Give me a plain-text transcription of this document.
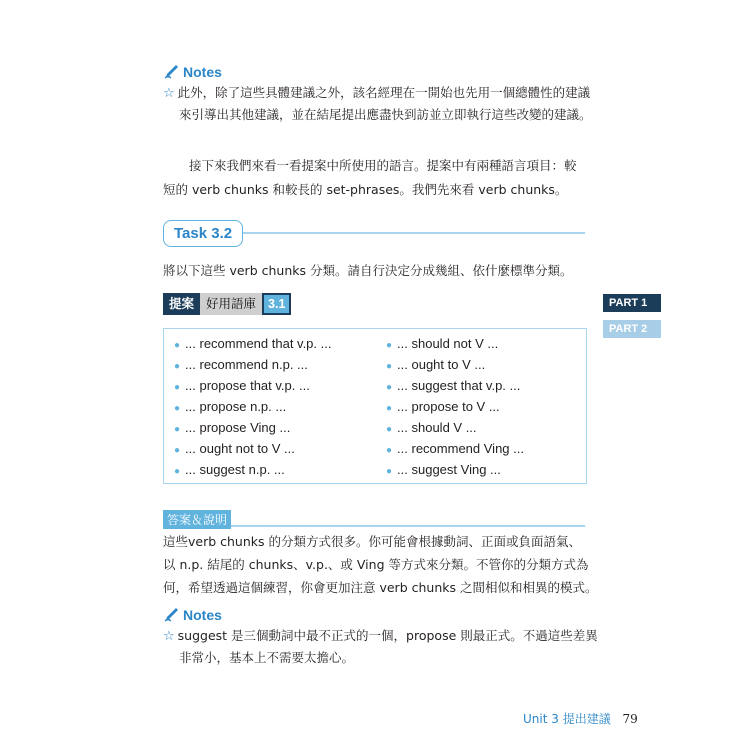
Notes
☆ 此外，除了這些具體建議之外，該名經理在一開始也先用一個總體性的建議
來引導出其他建議，並在結尾提出應盡快到訪並立即執行這些改變的建議。
接下來我們來看一看提案中所使用的語言。提案中有兩種語言項目：較
短的 verb chunks 和較長的 set-phrases。我們先來看 verb chunks。
Task 3.2
將以下這些 verb chunks 分類。請自行決定分成幾組、依什麼標準分類。
提案 好用語庫 3.1
● ... recommend that v.p. ...
● ... recommend n.p. ...
● ... propose that v.p. ...
● ... propose n.p. ...
● ... propose Ving ...
● ... ought not to V ...
● ... suggest n.p. ...
● ... should not V ...
● ... ought to V ...
● ... suggest that v.p. ...
● ... propose to V ...
● ... should V ...
● ... recommend Ving ...
● ... suggest Ving ...
答案＆說明
這些verb chunks 的分類方式很多。你可能會根據動詞、正面或負面語氣、
以 n.p. 結尾的 chunks、v.p.、或 Ving 等方式來分類。不管你的分類方式為
何，希望透過這個練習，你會更加注意 verb chunks 之間相似和相異的模式。
Notes
☆ suggest 是三個動詞中最不正式的一個，propose 則最正式。不過這些差異
非常小，基本上不需要太擔心。
PART 1
PART 2
Unit 3 提出建議 79
